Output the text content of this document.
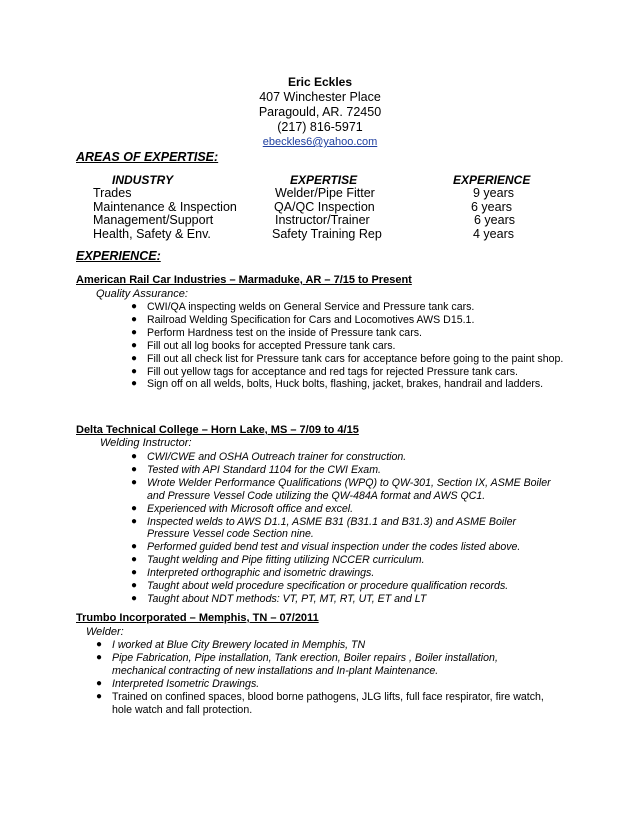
Eric Eckles
407 Winchester Place
Paragould, AR. 72450
(217) 816-5971
ebeckles6@yahoo.com
AREAS OF EXPERTISE:
INDUSTRY	EXPERTISE	EXPERIENCE
Trades	Welder/Pipe Fitter	9 years
Maintenance & Inspection	QA/QC Inspection	6 years
Management/Support	Instructor/Trainer	6 years
Health, Safety & Env.	Safety Training Rep	4 years
EXPERIENCE:
American Rail Car Industries – Marmaduke, AR – 7/15 to Present
Quality Assurance:
● CWI/QA inspecting welds on General Service and Pressure tank cars.
● Railroad Welding Specification for Cars and Locomotives AWS D15.1.
● Perform Hardness test on the inside of Pressure tank cars.
● Fill out all log books for accepted Pressure tank cars.
● Fill out all check list for Pressure tank cars for acceptance before going to the paint shop.
● Fill out yellow tags for acceptance and red tags for rejected Pressure tank cars.
● Sign off on all welds, bolts, Huck bolts, flashing, jacket, brakes, handrail and ladders.
Delta Technical College – Horn Lake, MS – 7/09 to 4/15
Welding Instructor:
● CWI/CWE and OSHA Outreach trainer for construction.
● Tested with API Standard 1104 for the CWI Exam.
● Wrote Welder Performance Qualifications (WPQ) to QW-301, Section IX, ASME Boiler and Pressure Vessel Code utilizing the QW-484A format and AWS QC1.
● Experienced with Microsoft office and excel.
● Inspected welds to AWS D1.1, ASME B31 (B31.1 and B31.3) and ASME Boiler Pressure Vessel code Section nine.
● Performed guided bend test and visual inspection under the codes listed above.
● Taught welding and Pipe fitting utilizing NCCER curriculum.
● Interpreted orthographic and isometric drawings.
● Taught about weld procedure specification or procedure qualification records.
● Taught about NDT methods: VT, PT, MT, RT, UT, ET and LT
Trumbo Incorporated – Memphis, TN – 07/2011
Welder:
● I worked at Blue City Brewery located in Memphis, TN
● Pipe Fabrication, Pipe installation, Tank erection, Boiler repairs , Boiler installation, mechanical contracting of new installations and In-plant Maintenance.
● Interpreted Isometric Drawings.
● Trained on confined spaces, blood borne pathogens, JLG lifts, full face respirator, fire watch, hole watch and fall protection.
